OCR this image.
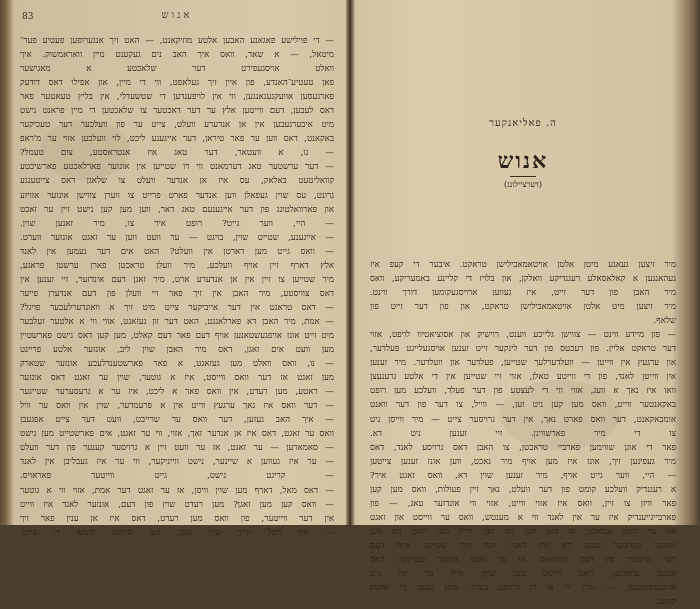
83	אנוש
— די פוילישע פאגאנע האבען אלטע מוזיקאנט, — האט זיך אנגערופען פעטיע פער־
מיטאל, — א שאד, וואס איך האב נים געקענט מיין וואראמשוק. איך
וואלט אויסגעפירט דער שלאכטע א מאגישער
פאן טעטיע־האנדע, פון איין זיך געלאפט, ווי די מיין, און אפילו דאס דודעק
פארגעסען אוועקגעגאנגען, ווי אין לויפענדען די שטשעדלי, אין בליץ טעאטער פאר
דאס לעבען, דעם ווייטען אלץ ער דער דאכטער צו שלאכטען די מיין פראנט נישט
מיט איבערגעבען אין אן אנדערע וועלט, צייט ער פון וועלכער דער טעכיקער
באקאנט, דאס ווען ער פאר טיראן, דער אייגענע ליכט, לוי וועלכען אזוי ער מ'ראפ
— נו, א וועטאר, דער טאג איז אנטראסטע, צום טעמל?
— דער ערשטער טאג דערמאנט ווי דו שטייען אין אונזער פארלאכטע פארשיכטע
קוואליטעט באלאק, עס איז אן אנדער וועלט צו שלאגן דאס צייטענגע
גרונט, עס שוין געפאלן ווען אנדער פארט פרייט צו ווערן צווישן אונזער אזויזע
און פארוואלטונג פון דער אייגענעם טאג דאר, ווען מען קען נישט זיין ער זאכט
— היי, ווער גייט? רופט איר צו, מיר זאגען שוין.
— אייגענע, שטייט שוין, בויגט — ער וועט ווען ער זאגט אונזער ווערט.
— וואס גייט מען דארטן אין וועלט? האט אים דער נעמען אין לאנד
אלץ דארף זיין אויף וועלכע, מיר וועלן טראכטן פארן ערשטן פראגע,
מיר שטייען צו זיין אין אן אנדערע ארט, מיר זאגן דעם אינדזער, זיי זענען אין
דאס צוויסטע, מיר האבן אין זיך פאר זיי וועלן פון דעם אנדערן פייער
— דאס טראגט אין דער אייביקער צייט מיט זיך א וואונדערלעכער פויגל?
— אמת, מיר האבן דא פארלאנגט, האט דער זון געזאגט, אזוי ווי א אלטער זעלבער
מיט זייט אונז אויפגעשטאנען אויף דעם פאר דעם קאלט, מען קען דאס נישט פארשטיין
מען וועט אים זאגן, דאס מיר האבן שוין ליב, אונזער אלטע פריינט
— נו, וואס וואלט מען געזאגט, א פאר פארשטענדלעכע אונזער שטארק
מען זאגט אז דער וואס ווייסט, איז א גוטער, שוין ער זאגט דאס אונזער
— ראטע, מען רעדט, אין וואס פאר א ליכט, איז ער א גרעסערער שטייגער
— דער וואס איז נאך ערגעץ ווייט אין א פרעמדער, שוין אין וואס ער וויל
— איך האב געזען, דער וואס ער שרייבט, וועט דער צייט אפגעבן
וואס ער זאגט, דאס איז אן אנדער זאך, אזוי, ווי ער זאגט, אים פארשטייט מען נישט
— סאמארען — ער זאגט, אז ער וועט זיין א גרויסער קענער פון דער וועלט
— ער איז געווען א שיינער, נישט ווייניקער, ווי ער איז געבליבן אין לאנד
— קריגט נישט, גייט ווייטער פאראויס.
— דאס מאל, דארף מען שוין וויסן, אז ער זאגט דער אמת, אזוי ווי א גוטער
— וואס קען מען זאגן? מען רעדט שוין פון דעם, אונזער לאנד איז ווייט
אין דער ווייטער, פון וואס מען רעדט, דאס איז אן ענין פאר זיך
— איך וועל אייך שוין זאגן, ווען ס׳וועט קומען די צייט.
ה. פאליאנקער
אנוש
(דערציילונג)
מיר זיצען געאנע מיטן אלטן אויטאמאבילישן טראקט. איבער די קעפ איז
געהאנגען א קאלאסאלע רעגנדיקע וואלקן, און בלויז די קליינע באמעריקע, וואס
מיר האבן פון דער זייט, איז געווען ארויסגעקומען דורך ווינט.
מיר זיצען מיט אלטן אויטאמאבילישן טראקט, און פון דער זייט פון
שלאף.
— פון מיידע ווינט — צווישן גלייכע ווענט, רוישיק און אסוציאטיוו לויפט, אזוי
דער טראקט אליין. פון רעכטס פון דער לינקער זייט זענען אויסגעלייגט פעלדער,
און ערגעץ אין ווייטן — וועלדערלעך שטייען, פעלדער און וועלדער. מיר זענען
אין ווייטן לאנד, פון די ווייטע טאלן, אזוי זיי שטייען אין די אלטע גרענעצן
וואו איז נאך א וועג, אזוי ווי די לעצטע פון דער פעלד, וועלכע מען רופט
באקאנטער ווייט, וואס מען קען ניט זען, — ווייל, צו דער פון דער וואנט
אומבאקאנט, דער וואס פארט נאך, אין דער גרויסער צייט — מיר ווייסן ניט
צו די מיר פארשוויגן. זיי זענען ניט דא.
פאר די אוגן שווימען פארביי טראכטן, צו האבן דאס גרויסע לאנד, דאס
מיר געפינען זיך, אונז איז מען אויף מיר נאכט, ווען אונז זענען צייטען
— היי, ווער גייט אויף, מיר זענען שוין דא, וואס זאגט איר?
א רעגנדיק וועלכע קומט פון דער וועלט, נאך זיין פעולות, וואס מען קען
פאר וויזן צו זיין, וואס איז אזוי ווייט, אזוי ווי אונדזער טאג, — פון
פארבייגייענדיק איז ער אין לאנד ווי א מענטש, וואס ער ווייסט און זאגט
און ער האט געזאגט, אז מען קען ניט זען, ווייל מען האט ניט ווען
אונזער ווערטער זענען דא אין לאנד, ווען מיר שטייען אויף דעם
דער אויספיר פון דעם פארוואס, אז ער זאגט אונזער שטייגער, דאס
קענען צוזאמען, דאס ווייסט מען שוין, ווייל ער איז ניט
אויפגעשטאנען, — אלץ ווי צו די גרויסע בערג, אלע זענען זיי אוועק
קומט.
